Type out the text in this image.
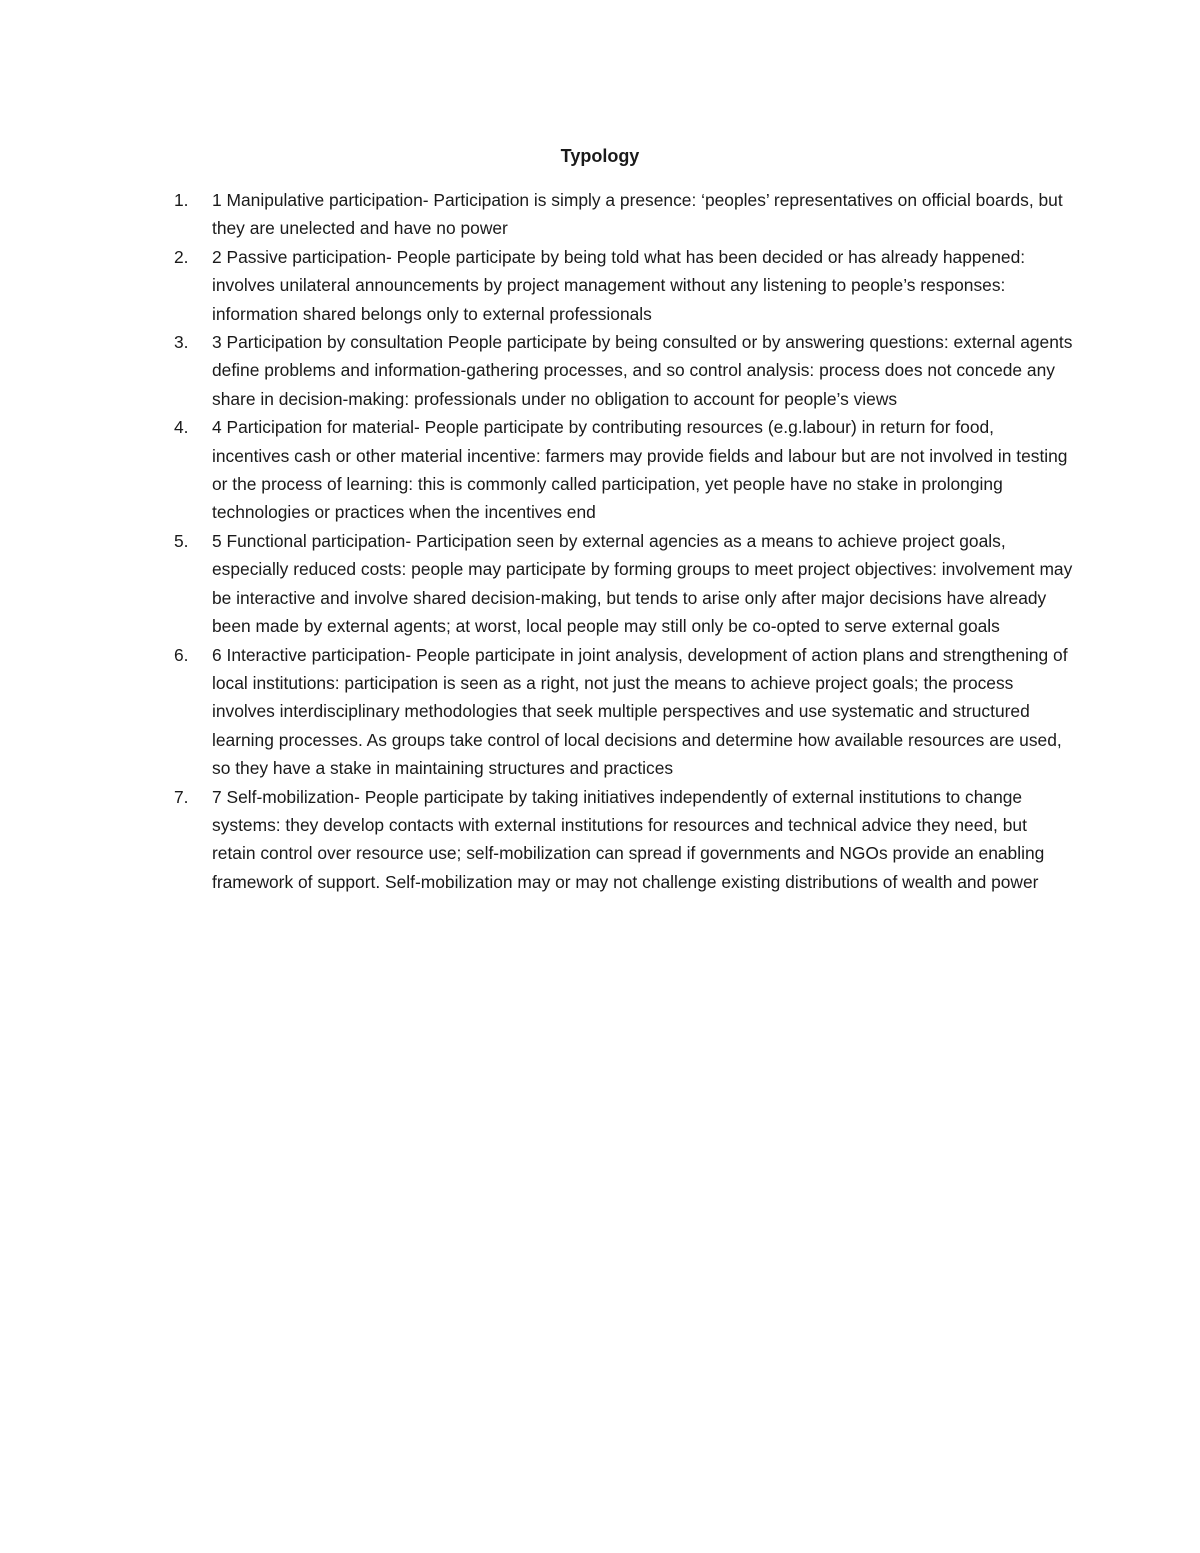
Typology
1. 1 Manipulative participation- Participation is simply a presence: ‘peoples’ representatives on official boards, but they are unelected and have no power
2. 2 Passive participation- People participate by being told what has been decided or has already happened: involves unilateral announcements by project management without any listening to people’s responses: information shared belongs only to external professionals
3. 3 Participation by consultation People participate by being consulted or by answering questions: external agents define problems and information-gathering processes, and so control analysis: process does not concede any share in decision-making: professionals under no obligation to account for people’s views
4. 4 Participation for material- People participate by contributing resources (e.g.labour) in return for food, incentives cash or other material incentive: farmers may provide fields and labour but are not involved in testing or the process of learning: this is commonly called participation, yet people have no stake in prolonging technologies or practices when the incentives end
5. 5 Functional participation- Participation seen by external agencies as a means to achieve project goals, especially reduced costs: people may participate by forming groups to meet project objectives: involvement may be interactive and involve shared decision-making, but tends to arise only after major decisions have already been made by external agents; at worst, local people may still only be co-opted to serve external goals
6. 6 Interactive participation- People participate in joint analysis, development of action plans and strengthening of local institutions: participation is seen as a right, not just the means to achieve project goals; the process involves interdisciplinary methodologies that seek multiple perspectives and use systematic and structured learning processes. As groups take control of local decisions and determine how available resources are used, so they have a stake in maintaining structures and practices
7. 7 Self-mobilization- People participate by taking initiatives independently of external institutions to change systems: they develop contacts with external institutions for resources and technical advice they need, but retain control over resource use; self-mobilization can spread if governments and NGOs provide an enabling framework of support. Self-mobilization may or may not challenge existing distributions of wealth and power
